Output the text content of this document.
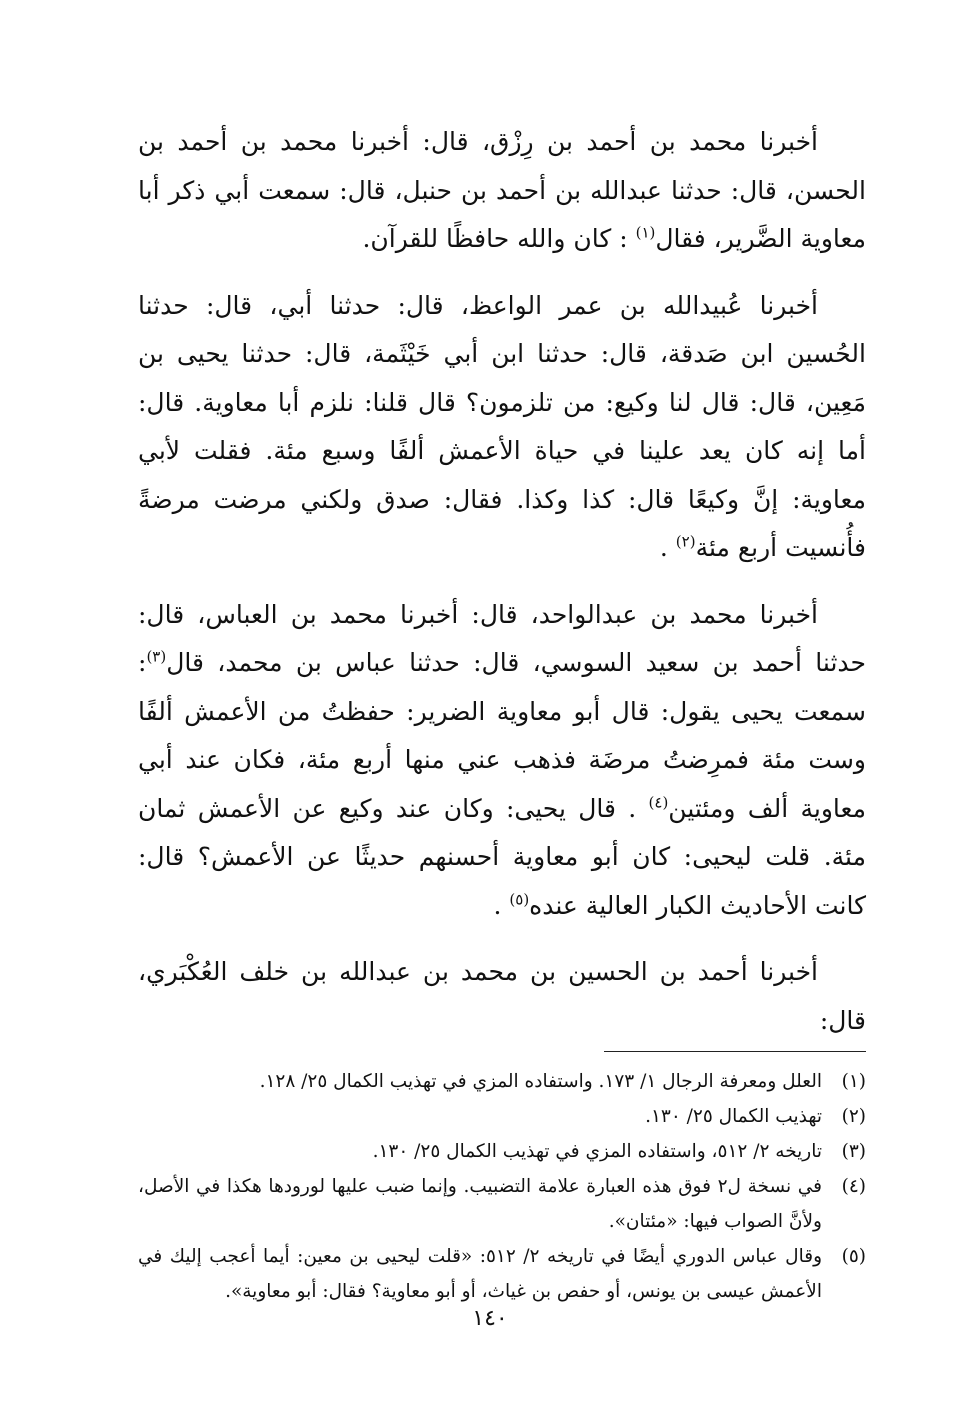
أخبرنا محمد بن أحمد بن رِزْق، قال: أخبرنا محمد بن أحمد بن الحسن، قال: حدثنا عبدالله بن أحمد بن حنبل، قال: سمعت أبي ذكر أبا معاوية الضَّرير، فقال$^{(١)}$ : كان والله حافظًا للقرآن.

أخبرنا عُبيدالله بن عمر الواعظ، قال: حدثنا أبي، قال: حدثنا الحُسين ابن صَدقة، قال: حدثنا ابن أبي خَيْثَمة، قال: حدثنا يحيى بن مَعِين، قال: قال لنا وكيع: من تلزمون؟ قال قلنا: نلزم أبا معاوية. قال: أما إنه كان يعد علينا في حياة الأعمش ألفًا وسبع مئة. فقلت لأبي معاوية: إنَّ وكيعًا قال: كذا وكذا. فقال: صدق ولكني مرضت مرضةً فأُنسيت أربع مئة$^{(٢)}$ .

أخبرنا محمد بن عبدالواحد، قال: أخبرنا محمد بن العباس، قال: حدثنا أحمد بن سعيد السوسي، قال: حدثنا عباس بن محمد، قال$^{(٣)}$: سمعت يحيى يقول: قال أبو معاوية الضرير: حفظتُ من الأعمش ألفًا وست مئة فمرِضتُ مرضَة فذهب عني منها أربع مئة، فكان عند أبي معاوية ألف ومئتين$^{(٤)}$ . قال يحيى: وكان عند وكيع عن الأعمش ثمان مئة. قلت ليحيى: كان أبو معاوية أحسنهم حديثًا عن الأعمش؟ قال: كانت الأحاديث الكبار العالية عنده$^{(٥)}$ .

أخبرنا أحمد بن الحسين بن محمد بن عبدالله بن خلف العُكْبَري، قال:

(١)
العلل ومعرفة الرجال ١/ ١٧٣. واستفاده المزي في تهذيب الكمال ٢٥/ ١٢٨.
(٢)
تهذيب الكمال ٢٥/ ١٣٠.
(٣)
تاريخه ٢/ ٥١٢، واستفاده المزي في تهذيب الكمال ٢٥/ ١٣٠.
(٤)
في نسخة ل٢ فوق هذه العبارة علامة التضبيب. وإنما ضبب عليها لورودها هكذا في الأصل، ولأنَّ الصواب فيها: «مئتان».
(٥)
وقال عباس الدوري أيضًا في تاريخه ٢/ ٥١٢: «قلت ليحيى بن معين: أيما أعجب إليك في الأعمش عيسى بن يونس، أو حفص بن غياث، أو أبو معاوية؟ فقال: أبو معاوية».
١٤٠
